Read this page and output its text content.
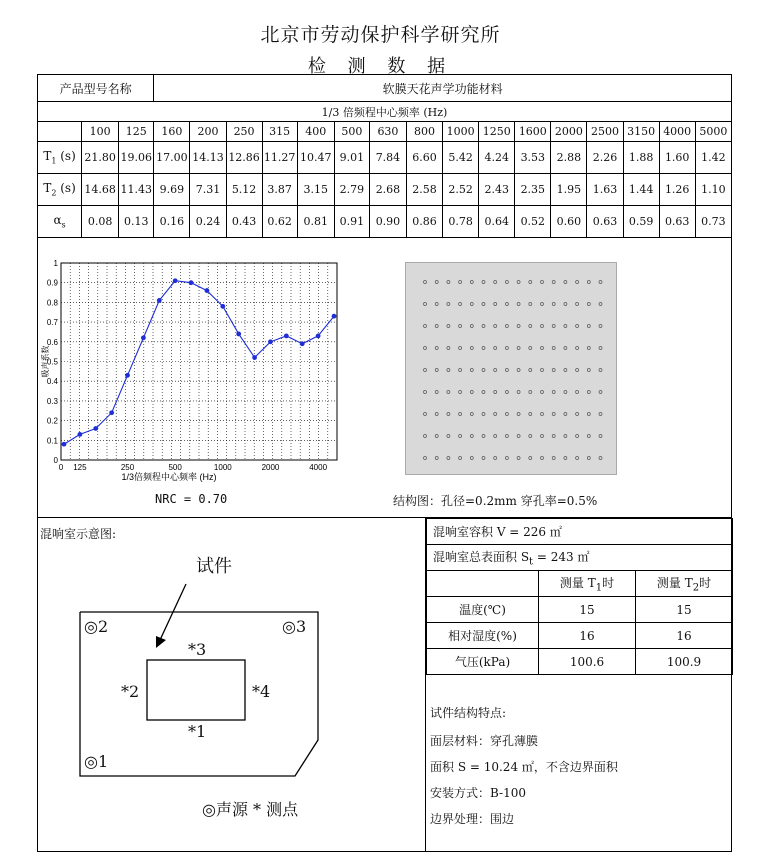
北京市劳动保护科学研究所
检 测 数 据
产品型号名称			软膜天花声学功能材料															
1/3 倍频程中心频率 (Hz)																		
	100	125	160	200	250	315	400	500	630	800	1000	1250	1600	2000	2500	3150	4000	5000
$T_1$ (s)	21.80	19.06	17.00	14.13	12.86	11.27	10.47	9.01	7.84	6.60	5.42	4.24	3.53	2.88	2.26	1.88	1.60	1.42
$T_2$ (s)	14.68	11.43	9.69	7.31	5.12	3.87	3.15	2.79	2.68	2.58	2.52	2.43	2.35	1.95	1.63	1.44	1.26	1.10
$\alpha_s$	0.08	0.13	0.16	0.24	0.43	0.62	0.81	0.91	0.90	0.86	0.78	0.64	0.52	0.60	0.63	0.59	0.63	0.73
0
0.1
0.2
0.3
0.4
0.5
0.6
0.7
0.8
0.9
1
0 125	250	500	1000	2000	4000
1/3倍频程中心频率 (Hz)
吸声系数
NRC = 0.70	结构图：孔径=0.2mm 穿孔率=0.5%
混响室示意图:
试件
◎2	◎3
◎1
*3
*2	*4
*1
◎声源 * 测点
混响室容积 V = 226 ㎡		
混响室总表面积 $S_t = 243$ ㎡		
	测量 $T_1$时	测量 $T_2$时
温度(℃)	15	15
相对湿度(%)	16	16
气压(kPa)	100.6	100.9
试件结构特点:
面层材料：穿孔薄膜
面积 S = 10.24 ㎡，不含边界面积
安装方式：B-100
边界处理：围边
